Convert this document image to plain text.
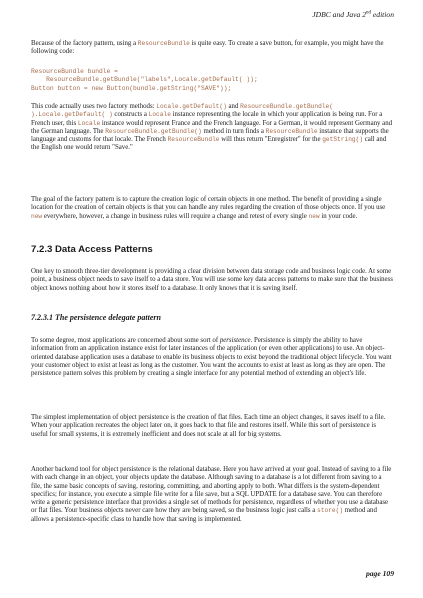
JDBC and Java 2nd edition
Because of the factory pattern, using a ResourceBundle is quite easy. To create a save button, for example, you might have the following code:
ResourceBundle bundle =
ResourceBundle.getBundle("labels",Locale.getDefault( ));
Button button = new Button(bundle.getString("SAVE"));
This code actually uses two factory methods: Locale.getDefault() and ResourceBundle.getBundle( ).Locale.getDefault( ) constructs a Locale instance representing the locale in which your application is being run. For a French user, this Locale instance would represent France and the French language. For a German, it would represent Germany and the German language. The ResourceBundle.getBundle() method in turn finds a ResourceBundle instance that supports the language and customs for that locale. The French ResourceBundle will thus return "Enregistrer" for the getString() call and the English one would return "Save."
The goal of the factory pattern is to capture the creation logic of certain objects in one method. The benefit of providing a single location for the creation of certain objects is that you can handle any rules regarding the creation of those objects once. If you use new everywhere, however, a change in business rules will require a change and retest of every single new in your code.
7.2.3 Data Access Patterns
One key to smooth three-tier development is providing a clear division between data storage code and business logic code. At some point, a business object needs to save itself to a data store. You will use some key data access patterns to make sure that the business object knows nothing about how it stores itself to a database. It only knows that it is saving itself.
7.2.3.1 The persistence delegate pattern
To some degree, most applications are concerned about some sort of persistence. Persistence is simply the ability to have information from an application instance exist for later instances of the application (or even other applications) to use. An object-oriented database application uses a database to enable its business objects to exist beyond the traditional object lifecycle. You want your customer object to exist at least as long as the customer. You want the accounts to exist at least as long as they are open. The persistence pattern solves this problem by creating a single interface for any potential method of extending an object's life.
The simplest implementation of object persistence is the creation of flat files. Each time an object changes, it saves itself to a file. When your application recreates the object later on, it goes back to that file and restores itself. While this sort of persistence is useful for small systems, it is extremely inefficient and does not scale at all for big systems.
Another backend tool for object persistence is the relational database. Here you have arrived at your goal. Instead of saving to a file with each change in an object, your objects update the database. Although saving to a database is a lot different from saving to a file, the same basic concepts of saving, restoring, committing, and aborting apply to both. What differs is the system-dependent specifics; for instance, you execute a simple file write for a file save, but a SQL UPDATE for a database save. You can therefore write a generic persistence interface that provides a single set of methods for persistence, regardless of whether you use a database or flat files. Your business objects never care how they are being saved, so the business logic just calls a store() method and allows a persistence-specific class to handle how that saving is implemented.
page 109
